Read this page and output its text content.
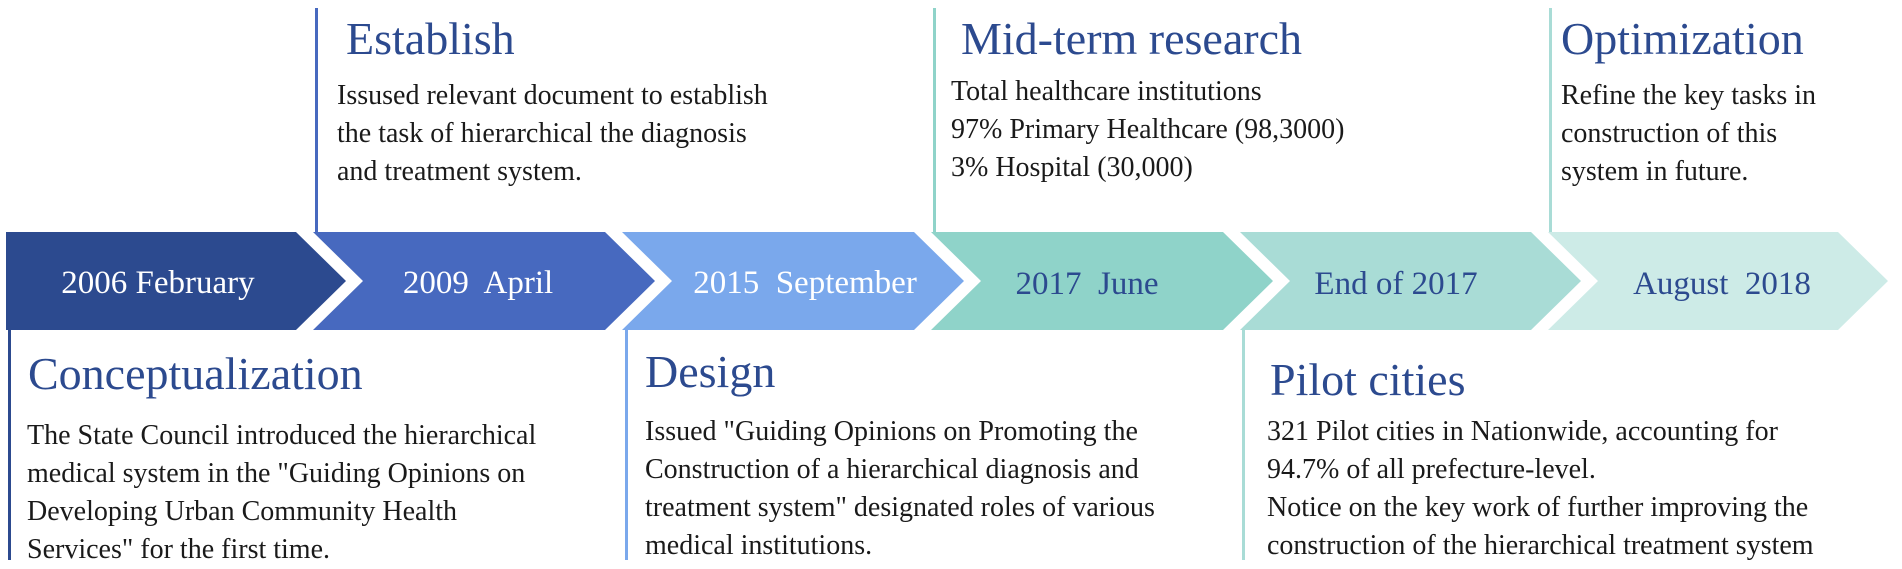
2006 February	2009  April	2015  September	2017  June	End of 2017	August  2018
Establish
Issused relevant document to establish
the task of hierarchical the diagnosis
and treatment system.
Mid-term research
Total healthcare institutions
97% Primary Healthcare (98,3000)
3% Hospital (30,000)
Optimization
Refine the key tasks in
construction of this
system in future.
Conceptualization
The State Council introduced the hierarchical
medical system in the "Guiding Opinions on
Developing Urban Community Health
Services" for the first time.
Design
Issued "Guiding Opinions on Promoting the
Construction of a hierarchical diagnosis and
treatment system" designated roles of various
medical institutions.
Pilot cities
321 Pilot cities in Nationwide, accounting for
94.7% of all prefecture-level.
Notice on the key work of further improving the
construction of the hierarchical treatment system
